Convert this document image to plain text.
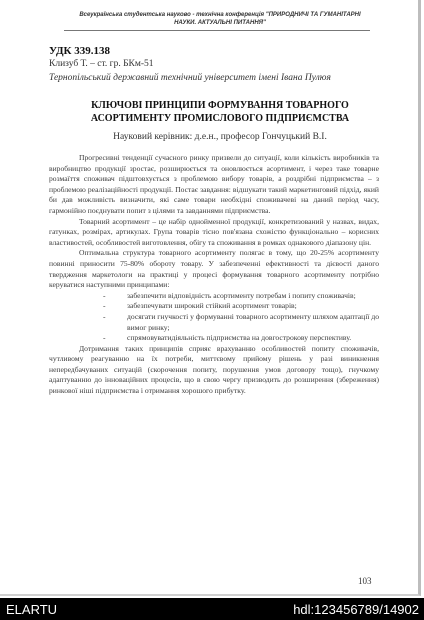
Всеукраїнська студентська науково - технічна конференція "ПРИРОДНИЧІ ТА ГУМАНІТАРНІ НАУКИ. АКТУАЛЬНІ ПИТАННЯ"
УДК 339.138
Клизуб Т. – ст. гр. БКм-51
Тернопільський державний технічний університет імені Івана Пулюя
КЛЮЧОВІ ПРИНЦИПИ ФОРМУВАННЯ ТОВАРНОГО АСОРТИМЕНТУ ПРОМИСЛОВОГО ПІДПРИЄМСТВА
Науковий керівник: д.е.н., професор Гончуцький В.І.

Прогресивні тенденції сучасного ринку призвели до ситуації, коли кількість виробників та виробництво продукції зростає, розширюється та оновлюється асортимент, і через таке товарне розмаїття споживач підштовхується з проблемою вибору товарів, а роздрібні підприємства – з проблемою реалізаційності продукції. Постає завдання: відшукати такий маркетинговий підхід, який би дав можливість визначити, які саме товари необхідні споживачеві на даний період часу, гармонійно поєднувати попит з цілями та завданнями підприємства.

Товарний асортимент – це набір однойменної продукції, конкретизований у назвах, видах, гатунках, розмірах, артикулах. Група товарів тісно пов'язана схожістю функціонально – корисних властивостей, особливостей виготовлення, обігу та споживання в ромках однакового діапазону цін.

Оптимальна структура товарного асортименту полягає в тому, що 20-25% асортименту повинні приносити 75-80% обороту товару. У забезпеченні ефективності та дієвості даного твердження маркетологи на практиці у процесі формування товарного асортименту потрібно керуватися наступними принципами:

-	забезпечити відповідність асортименту потребам і попиту споживачів;
-	забезпечувати широкий стійкий асортимент товарів;
-	досягати гнучкості у формуванні товарного асортименту шляхом адаптації до вимог ринку;
-	спрямовуватидіяльність підприємства на довгострокову перспективу.

Дотримання таких принципів сприяє врахуванню особливостей попиту споживачів, чутливому реагуванню на їх потреби, миттєвому прийому рішень у разі виникнення непередбачуваних ситуацій (скорочення попиту, порушення умов договору тощо), гнучкому адаптуванню до інноваційних процесів, що в свою чергу призводить до розширення (збереження) ринкової ніші підприємства і отримання хорошого прибутку.

103
ELARTU	hdl:123456789/14902
